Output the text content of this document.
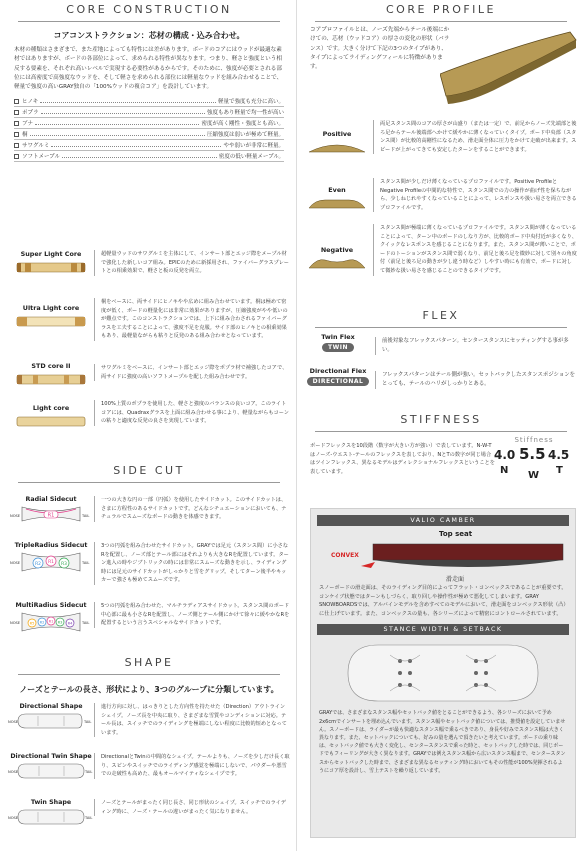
CORE CONSTRUCTION
コアコンストラクション：芯材の構成・込み合わせ。
木材の種類はさまざまで、また産地によっても特性には差があります。ボードのコアにはウッドが最適な素材ではありますが、ボードの各部位によって、求められる特性が異なります。つまり、軽さと強度という相反する要素を、それぞれ高いレベルで実現する必要性があるからです。そのために、強度が必要とされる部位には高密度で高強度なウッドを、そして軽さを求められる部位には軽量なウッドを組み合わせることで、軽量で強度の高いGRAY独自の「100%ウッドの複合コア」を設計しています。
ヒノキ	軽量で強度も充分に高い。
ポプラ	強度もあり軽量で均一性が高い
ブナ	密度が高く剛性・強度とも高い。
桐	圧縮強度は弱いが極めて軽量。
サワグルミ	やや弱いが非常に軽量。
ソフトメープル	密度の低い軽量メープル。
Super Light Core	超軽量ウッドのサワグルミを主体にして、インサート部とエッジ際をメープル材で強化した新しいコア組み。EPICのために新採用され、ファイバーグラスプレートとの相乗効果で、軽さと板の反発を両立。
Ultra Light core
桐をベースに、両サイドにヒノキやや広めに組み合わせています。桐は極めて密度が低く、ボードの軽量化には非常に効果がありますが、圧縮強度がやや低いのが難点です。このコンストラクションでは、上下に組み合わされるファイバーグラスを工夫することによって、強度不足を克服。サイド部のヒノキとの相乗効果もあり、最軽量ながらも粘りと反発のある組み合わせとなっています。
STD core II	サワグルミをベースに、インサート部とエッジ際をポプラ材で補強したコアで、両サイドに強度の高いソフトメープルを配した組み合わせです。
Light core	100%上質のポプラを使用した、軽さと強度のバランスの良いコア。このライトコアには、Quadraxグラスを上面に組み合わせる事により、軽量ながらもコーンの粘りと適度な反発の良さを実現しています。
SIDE CUT
Radial Sidecut
R1
NOSE	TAIL
一つの大きな円の一部（円弧）を使用したサイドカット。このサイドカットは、さまに方程性のあるサイドカットです。どんなシチュエーションにおいても、ナチュラルでスムーズなボードの動きを体感できます。
TripleRadius Sidecut
R2 R1 R3
NOSE	TAIL
3つの円弧を組み合わせたサイドカット。GRAYでは足元（スタンス間）に小さなRを配置し、ノーズ部とテール部にはそれよりも大きなRを配置しています。ターン進入の時やジブトリックの時には非常にスムーズな動きを示し、ライディング時には足元のサイドカットがしっかりと雪をグリップ。そしてターン後半やキッカーで強さも極めてスムーズです。
MultiRadius Sidecut
R5 R2 R1 R3 R4
NOSE	TAIL
5つの円弧を組み合わせた、マルチラディアスサイドカット。スタンス間のボード中心部に最も小さなRを配置し、ノーズ側とテール側にかけて徐々に緩やかなRを配置するという言うスペシャルなサイドカットです。
SHAPE
ノーズとテールの長さ、形状により、3つのグループに分類しています。
Directional Shape
NOSE	TAIL
進行方向に対し、はっきりとした方向性を持たせた（Direction）アウトラインシェイプ。ノーズ長を中央に取り、さまざまな雪質やコンディションに対応。テール長は、スイッチでのライディングを極端にしない程度に比較的短めとなっています。
Directional Twin Shape
NOSE	TAIL
DirectionalとTwinの中間的なシェイプ。テールよりも、ノーズを少しだけ長く取り、スピンやスイッチでのライディング感覚を極端にしないで、パウダーや悪雪での走破性も高めた、最もオールマイティなシェイプです。
Twin Shape
NOSE	TAIL
ノーズとテールがまったく同じ長さ、同じ形状のシェイプ。スイッチでのライディング時に、ノーズ・テールの違いがまったく気になりません。
CORE PROFILE
コアプロファイルとは、ノーズ先端からテール後端にかけての、芯材（ウッドコア）の厚さの変化の形状（バランス）です。大きく分けて下記の3つのタイプがあり、タイプによってライディングフィールに特徴があります。
Positive
両足スタンス間のコアの厚さが山盛り（または一定）で、前足からノーズ先端部と後ろ足からテール後端部へかけて緩やかに薄くなっていくタイプ。ボード中央部（スタンス間）が比較的高剛性になるため、滑走面全体に圧力をかけて走破が出来ます。スピードが上がってきても安定したターンをすることができます。
Even
スタンス間が少しだけ薄くなっているプロファイルです。Positive ProfileとNegative Profileの中間的な特性で、スタンス間での力の操作が曲げ性を保ちながら、少しねじれやすくなっていることによって、レスポンスや扱い易さを両立できるプロファイルです。
Negative
スタンス間が極端に薄くなっているプロファイルです。スタンス間が薄くなっていることによって、ターン中のボードのしなり方が、比較的ボード中央付近が多くなり、クイックなレスポンスを感じることになります。また、スタンス間が薄いことで、ボードのトーションがスタンス間で弱くなり、前足と後ろ足を微妙に対して別々の角度付（前足と後ろ足の動きが少し違う時など）しやすい時にも有効で、ボードに対して微妙な扱い易さを感じることのできるタイプです。
FLEX
Twin Flex
TWIN
前後対象なフレックスパターン。センタースタンスにセッティングする事が多い。
Directional Flex
DIRECTIONAL
フレックスパターンはテール側が強い。セットバックしたスタンスポジションをとっても、テールのハリがしっかりとある。
STIFFNESS
ボードフレックスを10段階（数字が大きい方が強い）で表しています。N-W-Tはノーズ-ウエスト-テールのフレックスを表しており、NとTの数字が同じ場合はツインフレックス、異なるモデルはディレクショナルフレックスということを表しています。
Stiffness
4.0 5.5 4.5
N W T
VALIO CAMBER
Top seat
CONVEX
滑走面
スノーボードの滑走面は、そのライディング目的によってフラット・コンベックスであることが重要です。コンケイブ状態ではターンもしづらく、取り回しや操作性が極めて悪化してしまいます。GRAY SNOWBOARDSでは、アルバインモデルを含めすべてのモデルにおいて、滑走面をコンベックス形状（凸）に仕上げています。また、コンベックスの量も、各シリーズによって精密にコントロールされています。
STANCE WIDTH & SETBACK
GRAYでは、さまざまなスタンス幅やセットバック値をとることができるよう、各シリーズにおいて予め2x6cmでインサートを埋め込んでいます。スタンス幅やセットバック値については、推奨値を設定していません。スノーボードは、ライダーが最も快適なスタンス幅で乗るべきであり、身長や好みでスタンス幅は大きく異なります。また、セットバックについても、好みの量を選んで頂きたいと考えています。ボードの乗り味は、セットバック値でも大きく変化し、センタースタンスで乗った時と、セットバックした時では、同じボードでもフィーリングが大きく異なります。GRAYでは例えスタンス幅から広いスタンス幅まで、センタースタンスからセットバックした時まで、さまざまな異なるセッティング時においてもその性能が100%発揮されるようにコア厚を設計し、雪上テストを繰り返しています。
